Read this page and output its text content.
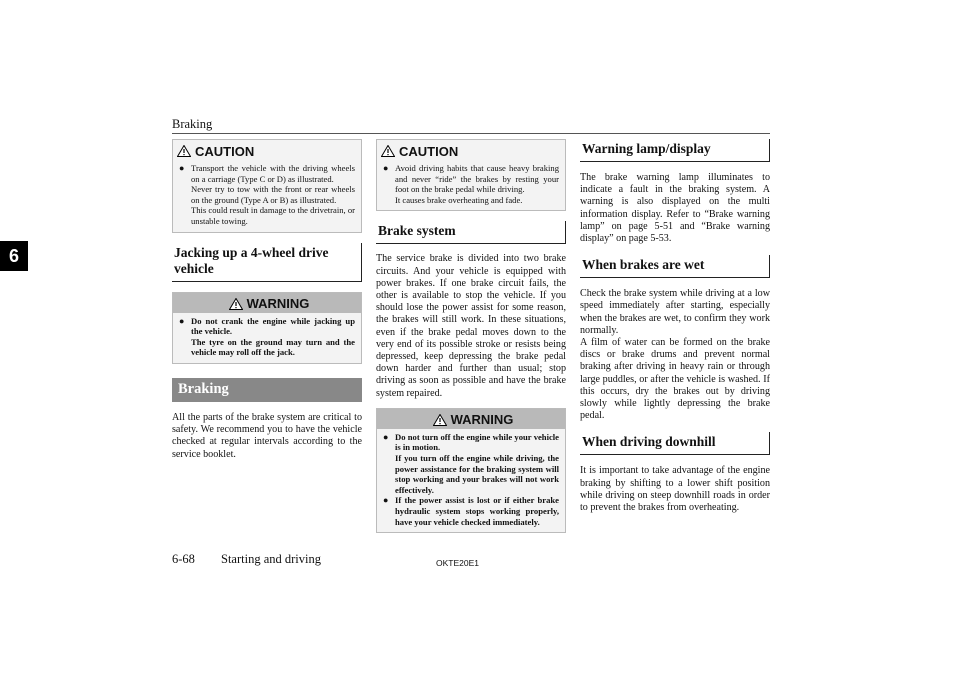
Braking
6
CAUTION
● Transport the vehicle with the driving wheels on a carriage (Type C or D) as illustrated.
Never try to tow with the front or rear wheels on the ground (Type A or B) as illustrated.
This could result in damage to the drivetrain, or unstable towing.
Jacking up a 4-wheel drive vehicle
WARNING
● Do not crank the engine while jacking up the vehicle.
The tyre on the ground may turn and the vehicle may roll off the jack.
Braking
All the parts of the brake system are critical to safety. We recommend you to have the vehicle checked at regular intervals according to the service booklet.
CAUTION
● Avoid driving habits that cause heavy braking and never “ride” the brakes by resting your foot on the brake pedal while driving.
It causes brake overheating and fade.
Brake system
The service brake is divided into two brake circuits. And your vehicle is equipped with power brakes. If one brake circuit fails, the other is available to stop the vehicle. If you should lose the power assist for some reason, the brakes will still work. In these situations, even if the brake pedal moves down to the very end of its possible stroke or resists being depressed, keep depressing the brake pedal down harder and further than usual; stop driving as soon as possible and have the brake system repaired.
WARNING
● Do not turn off the engine while your vehicle is in motion.
If you turn off the engine while driving, the power assistance for the braking system will stop working and your brakes will not work effectively.
● If the power assist is lost or if either brake hydraulic system stops working properly, have your vehicle checked immediately.
Warning lamp/display
The brake warning lamp illuminates to indicate a fault in the braking system. A warning is also displayed on the multi information display. Refer to “Brake warning lamp” on page 5-51 and “Brake warning display” on page 5-53.
When brakes are wet
Check the brake system while driving at a low speed immediately after starting, especially when the brakes are wet, to confirm they work normally.
A film of water can be formed on the brake discs or brake drums and prevent normal braking after driving in heavy rain or through large puddles, or after the vehicle is washed. If this occurs, dry the brakes out by driving slowly while lightly depressing the brake pedal.
When driving downhill
It is important to take advantage of the engine braking by shifting to a lower shift position while driving on steep downhill roads in order to prevent the brakes from overheating.
6-68 Starting and driving	OKTE20E1
